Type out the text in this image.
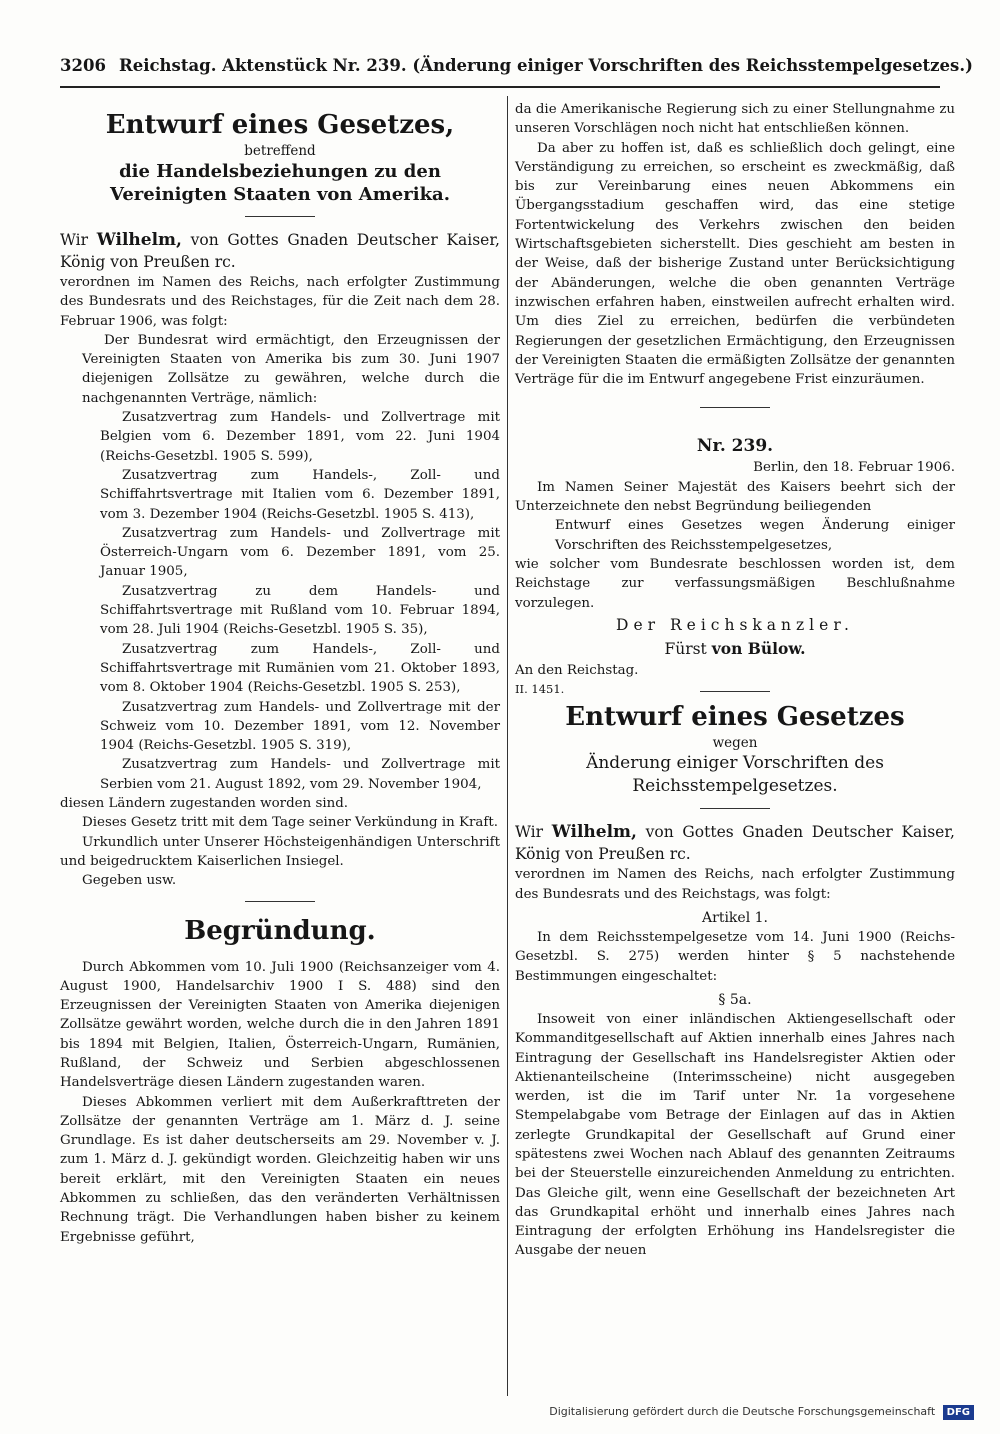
3206 Reichstag. Aktenstück Nr. 239. (Änderung einiger Vorschriften des Reichsstempelgesetzes.)
Entwurf eines Gesetzes,
betreffend
die Handelsbeziehungen zu den Vereinigten Staaten von Amerika.

Wir Wilhelm, von Gottes Gnaden Deutscher Kaiser, König von Preußen rc.

verordnen im Namen des Reichs, nach erfolgter Zustimmung des Bundesrats und des Reichstages, für die Zeit nach dem 28. Februar 1906, was folgt:

Der Bundesrat wird ermächtigt, den Erzeugnissen der Vereinigten Staaten von Amerika bis zum 30. Juni 1907 diejenigen Zollsätze zu gewähren, welche durch die nachgenannten Verträge, nämlich:

Zusatzvertrag zum Handels- und Zollvertrage mit Belgien vom 6. Dezember 1891, vom 22. Juni 1904 (Reichs-Gesetzbl. 1905 S. 599),

Zusatzvertrag zum Handels-, Zoll- und Schiffahrtsvertrage mit Italien vom 6. Dezember 1891, vom 3. Dezember 1904 (Reichs-Gesetzbl. 1905 S. 413),

Zusatzvertrag zum Handels- und Zollvertrage mit Österreich-Ungarn vom 6. Dezember 1891, vom 25. Januar 1905,

Zusatzvertrag zu dem Handels- und Schiffahrtsvertrage mit Rußland vom 10. Februar 1894, vom 28. Juli 1904 (Reichs-Gesetzbl. 1905 S. 35),

Zusatzvertrag zum Handels-, Zoll- und Schiffahrtsvertrage mit Rumänien vom 21. Oktober 1893, vom 8. Oktober 1904 (Reichs-Gesetzbl. 1905 S. 253),

Zusatzvertrag zum Handels- und Zollvertrage mit der Schweiz vom 10. Dezember 1891, vom 12. November 1904 (Reichs-Gesetzbl. 1905 S. 319),

Zusatzvertrag zum Handels- und Zollvertrage mit Serbien vom 21. August 1892, vom 29. November 1904,

diesen Ländern zugestanden worden sind.

Dieses Gesetz tritt mit dem Tage seiner Verkündung in Kraft.

Urkundlich unter Unserer Höchsteigenhändigen Unterschrift und beigedrucktem Kaiserlichen Insiegel.

Gegeben usw.

Begründung.

Durch Abkommen vom 10. Juli 1900 (Reichsanzeiger vom 4. August 1900, Handelsarchiv 1900 I S. 488) sind den Erzeugnissen der Vereinigten Staaten von Amerika diejenigen Zollsätze gewährt worden, welche durch die in den Jahren 1891 bis 1894 mit Belgien, Italien, Österreich-Ungarn, Rumänien, Rußland, der Schweiz und Serbien abgeschlossenen Handelsverträge diesen Ländern zugestanden waren.

Dieses Abkommen verliert mit dem Außerkrafttreten der Zollsätze der genannten Verträge am 1. März d. J. seine Grundlage. Es ist daher deutscherseits am 29. November v. J. zum 1. März d. J. gekündigt worden. Gleichzeitig haben wir uns bereit erklärt, mit den Vereinigten Staaten ein neues Abkommen zu schließen, das den veränderten Verhältnissen Rechnung trägt. Die Verhandlungen haben bisher zu keinem Ergebnisse geführt,

da die Amerikanische Regierung sich zu einer Stellungnahme zu unseren Vorschlägen noch nicht hat entschließen können.

Da aber zu hoffen ist, daß es schließlich doch gelingt, eine Verständigung zu erreichen, so erscheint es zweckmäßig, daß bis zur Vereinbarung eines neuen Abkommens ein Übergangsstadium geschaffen wird, das eine stetige Fortentwickelung des Verkehrs zwischen den beiden Wirtschaftsgebieten sicherstellt. Dies geschieht am besten in der Weise, daß der bisherige Zustand unter Berücksichtigung der Abänderungen, welche die oben genannten Verträge inzwischen erfahren haben, einstweilen aufrecht erhalten wird. Um dies Ziel zu erreichen, bedürfen die verbündeten Regierungen der gesetzlichen Ermächtigung, den Erzeugnissen der Vereinigten Staaten die ermäßigten Zollsätze der genannten Verträge für die im Entwurf angegebene Frist einzuräumen.

Nr. 239.

Berlin, den 18. Februar 1906.

Im Namen Seiner Majestät des Kaisers beehrt sich der Unterzeichnete den nebst Begründung beiliegenden

Entwurf eines Gesetzes wegen Änderung einiger Vorschriften des Reichsstempelgesetzes,

wie solcher vom Bundesrate beschlossen worden ist, dem Reichstage zur verfassungsmäßigen Beschlußnahme vorzulegen.

Der Reichskanzler.
Fürst von Bülow.

An den Reichstag.

II. 1451.

Entwurf eines Gesetzes
wegen
Änderung einiger Vorschriften des Reichsstempelgesetzes.

Wir Wilhelm, von Gottes Gnaden Deutscher Kaiser, König von Preußen rc.

verordnen im Namen des Reichs, nach erfolgter Zustimmung des Bundesrats und des Reichstags, was folgt:

Artikel 1.

In dem Reichsstempelgesetze vom 14. Juni 1900 (Reichs-Gesetzbl. S. 275) werden hinter § 5 nachstehende Bestimmungen eingeschaltet:

§ 5a.

Insoweit von einer inländischen Aktiengesellschaft oder Kommanditgesellschaft auf Aktien innerhalb eines Jahres nach Eintragung der Gesellschaft ins Handelsregister Aktien oder Aktienanteilscheine (Interimsscheine) nicht ausgegeben werden, ist die im Tarif unter Nr. 1a vorgesehene Stempelabgabe vom Betrage der Einlagen auf das in Aktien zerlegte Grundkapital der Gesellschaft auf Grund einer spätestens zwei Wochen nach Ablauf des genannten Zeitraums bei der Steuerstelle einzureichenden Anmeldung zu entrichten. Das Gleiche gilt, wenn eine Gesellschaft der bezeichneten Art das Grundkapital erhöht und innerhalb eines Jahres nach Eintragung der erfolgten Erhöhung ins Handelsregister die Ausgabe der neuen

Digitalisierung gefördert durch die Deutsche Forschungsgemeinschaft DFG
